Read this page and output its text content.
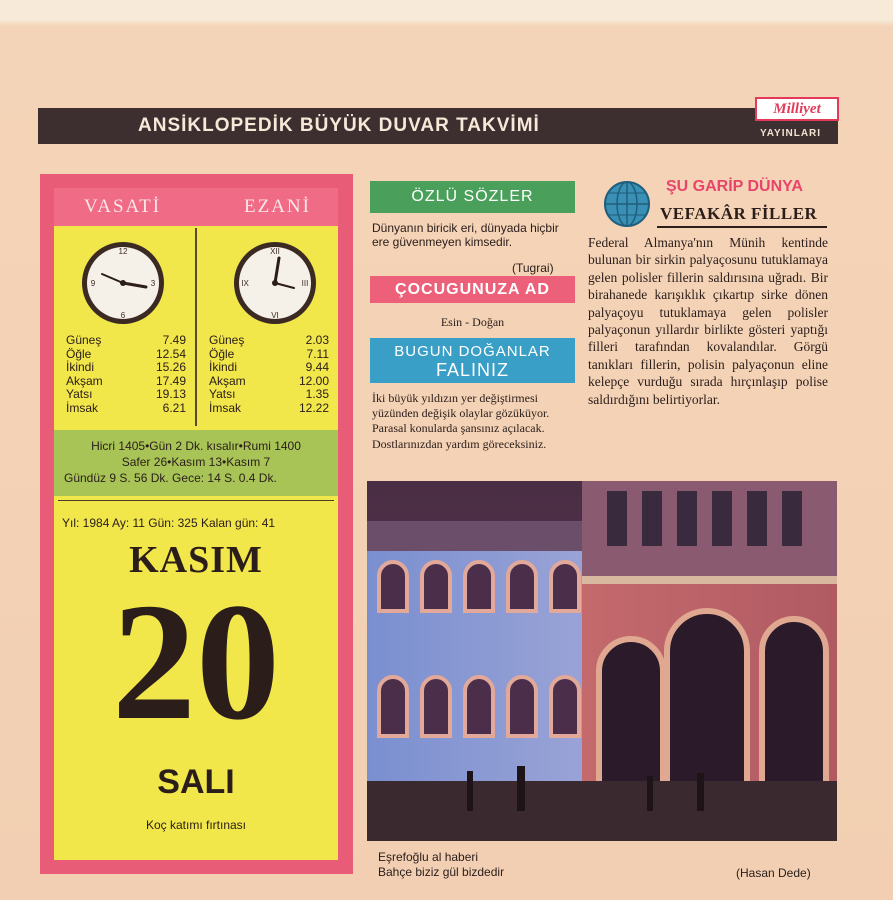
ANSİKLOPEDİK BÜYÜK DUVAR TAKVİMİ
Milliyet
YAYINLARI
VASATİ	EZANİ
12
3
6
9
XII
III
VI
IX
Güneş	7.49
Öğle	12.54
İkindi	15.26
Akşam	17.49
Yatsı	19.13
İmsak	6.21
Güneş	2.03
Öğle	7.11
İkindi	9.44
Akşam	12.00
Yatsı	1.35
İmsak	12.22
Hicri 1405•Gün 2 Dk. kısalır•Rumi 1400
Safer 26•Kasım 13•Kasım 7
Gündüz 9 S. 56 Dk. Gece: 14 S. 0.4 Dk.
Yıl: 1984 Ay: 11 Gün: 325 Kalan gün: 41
KASIM
20
SALI
Koç katımı fırtınası
ÖZLÜ SÖZLER
Dünyanın biricik eri, dünyada hiçbir ere güvenmeyen kimsedir.
(Tugrai)
ÇOCUGUNUZA AD
Esin - Doğan
BUGUN DOĞANLAR
FALINIZ
İki büyük yıldızın yer değiştirmesi yüzünden değişik olaylar gözüküyor. Parasal konularda şansınız açılacak. Dostlarınızdan yardım göreceksiniz.
ŞU GARİP DÜNYA
VEFAKÂR FİLLER
Federal Almanya'nın Münih kentinde bulunan bir sirkin palyaçosunu tutuklamaya gelen polisler fillerin saldırısına uğradı. Bir birahanede karışıklık çıkartıp sirke dönen palyaçoyu tutuklamaya gelen polisler palyaçonun yıllardır birlikte gösteri yaptığı filleri tarafından kovalandılar. Görgü tanıkları fillerin, polisin palyaçonun eline kelepçe vurduğu sırada hırçınlaşıp polise saldırdığını belirtiyorlar.
Eşrefoğlu al haberi
Bahçe biziz gül bizdedir	(Hasan Dede)
